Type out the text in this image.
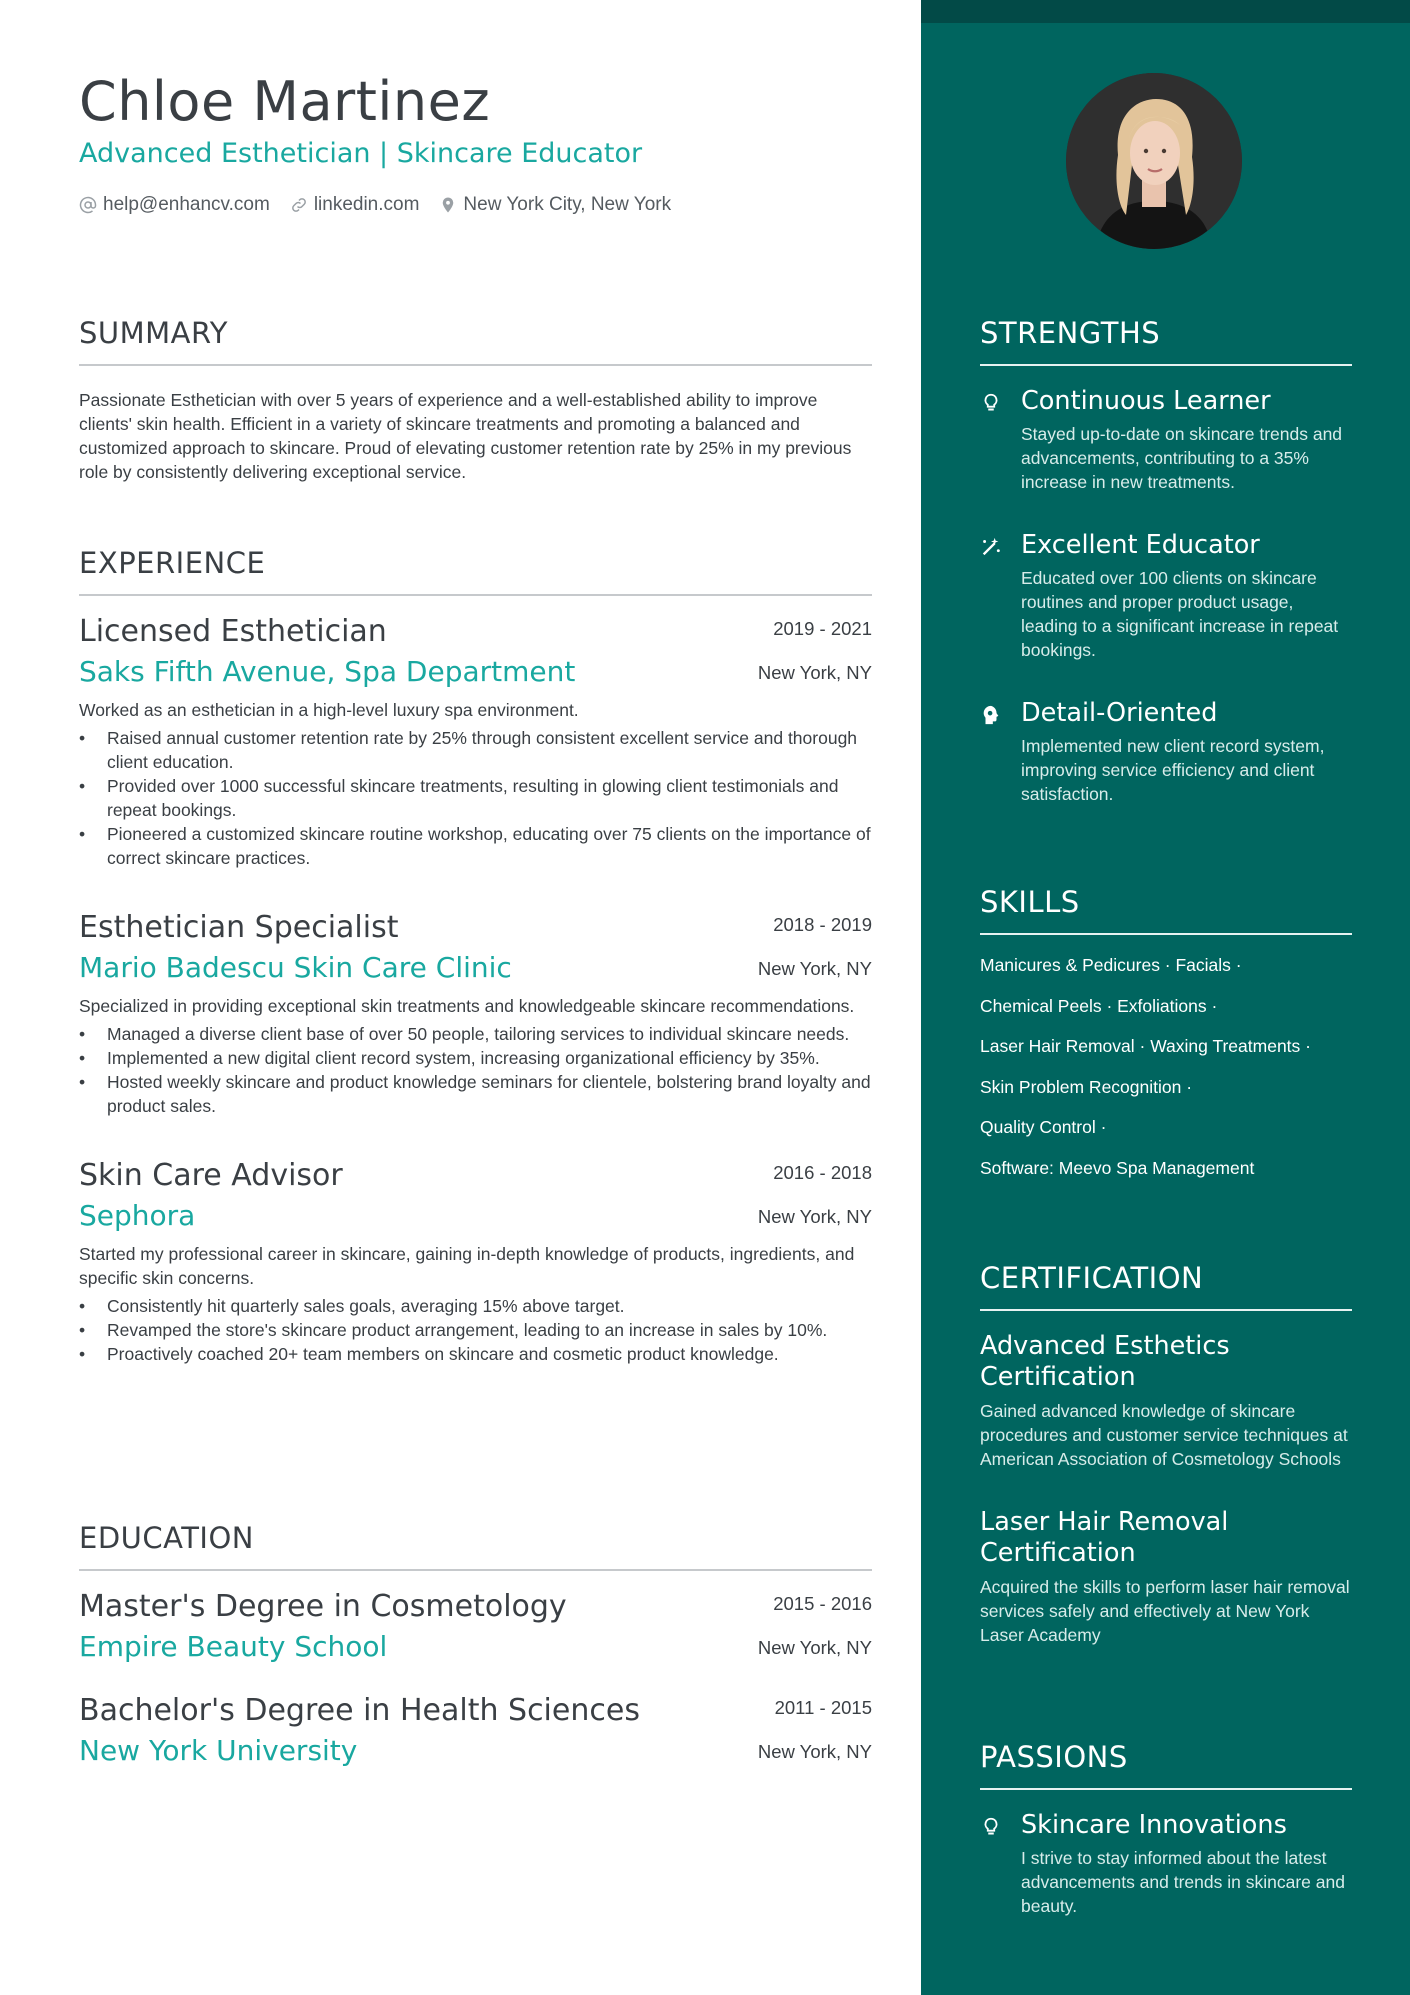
Chloe Martinez
Advanced Esthetician | Skincare Educator
help@enhancv.com linkedin.com New York City, New York
SUMMARY
Passionate Esthetician with over 5 years of experience and a well-established ability to improve clients' skin health. Efficient in a variety of skincare treatments and promoting a balanced and customized approach to skincare. Proud of elevating customer retention rate by 25% in my previous role by consistently delivering exceptional service.
EXPERIENCE
Licensed Esthetician
Saks Fifth Avenue, Spa Department
2019 - 2021
New York, NY
Worked as an esthetician in a high-level luxury spa environment.
• Raised annual customer retention rate by 25% through consistent excellent service and thorough client education.
• Provided over 1000 successful skincare treatments, resulting in glowing client testimonials and repeat bookings.
• Pioneered a customized skincare routine workshop, educating over 75 clients on the importance of correct skincare practices.
Esthetician Specialist
Mario Badescu Skin Care Clinic
2018 - 2019
New York, NY
Specialized in providing exceptional skin treatments and knowledgeable skincare recommendations.
• Managed a diverse client base of over 50 people, tailoring services to individual skincare needs.
• Implemented a new digital client record system, increasing organizational efficiency by 35%.
• Hosted weekly skincare and product knowledge seminars for clientele, bolstering brand loyalty and product sales.
Skin Care Advisor
Sephora
2016 - 2018
New York, NY
Started my professional career in skincare, gaining in-depth knowledge of products, ingredients, and specific skin concerns.
• Consistently hit quarterly sales goals, averaging 15% above target.
• Revamped the store's skincare product arrangement, leading to an increase in sales by 10%.
• Proactively coached 20+ team members on skincare and cosmetic product knowledge.
EDUCATION
Master's Degree in Cosmetology
Empire Beauty School
2015 - 2016
New York, NY
Bachelor's Degree in Health Sciences
New York University
2011 - 2015
New York, NY
STRENGTHS
Continuous Learner
Stayed up-to-date on skincare trends and advancements, contributing to a 35% increase in new treatments.
Excellent Educator
Educated over 100 clients on skincare routines and proper product usage, leading to a significant increase in repeat bookings.
Detail-Oriented
Implemented new client record system, improving service efficiency and client satisfaction.
SKILLS
Manicures & Pedicures · Facials ·
Chemical Peels · Exfoliations ·
Laser Hair Removal · Waxing Treatments ·
Skin Problem Recognition ·
Quality Control ·
Software: Meevo Spa Management
CERTIFICATION
Advanced Esthetics Certification
Gained advanced knowledge of skincare procedures and customer service techniques at American Association of Cosmetology Schools
Laser Hair Removal Certification
Acquired the skills to perform laser hair removal services safely and effectively at New York Laser Academy
PASSIONS
Skincare Innovations
I strive to stay informed about the latest advancements and trends in skincare and beauty.
